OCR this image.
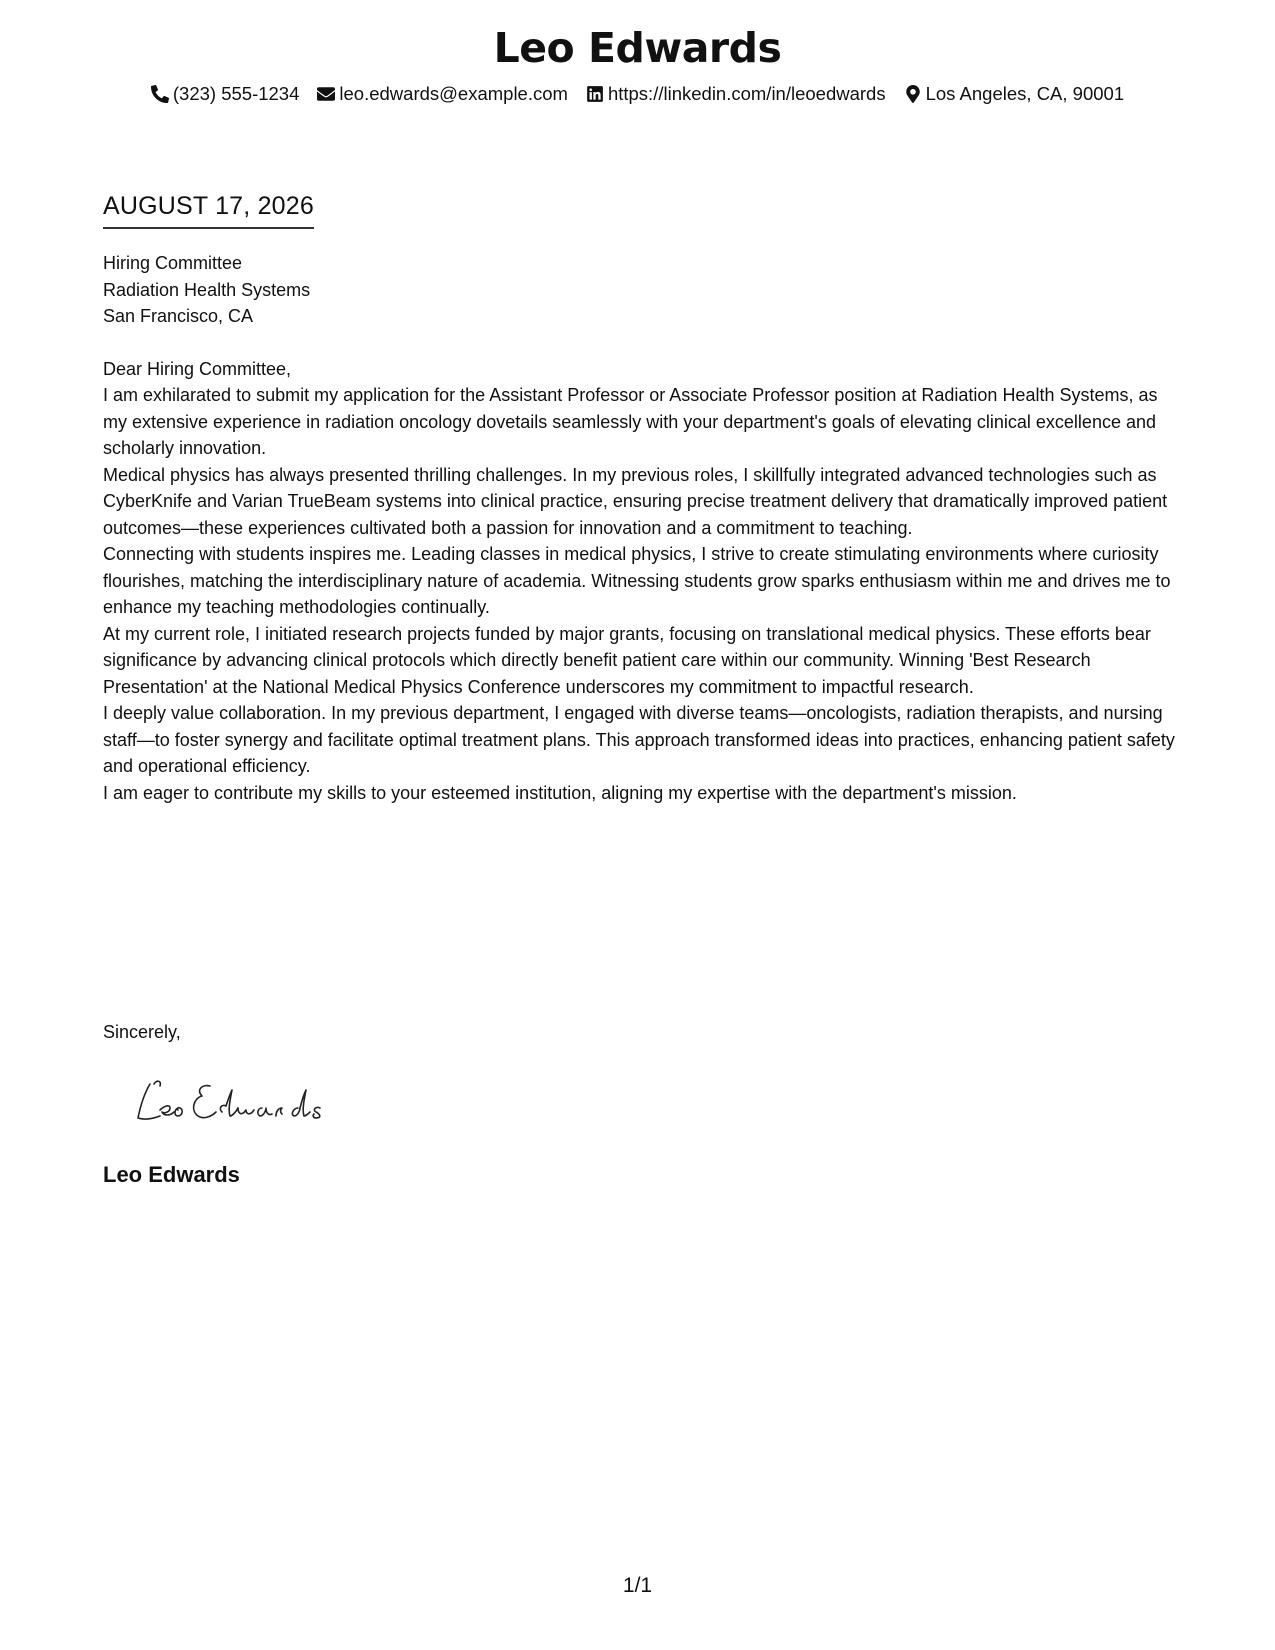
Leo Edwards
(323) 555-1234 leo.edwards@example.com https://linkedin.com/in/leoedwards Los Angeles, CA, 90001
AUGUST 17, 2026

Hiring Committee

Radiation Health Systems

San Francisco, CA

Dear Hiring Committee,

I am exhilarated to submit my application for the Assistant Professor or Associate Professor position at Radiation Health Systems, as my extensive experience in radiation oncology dovetails seamlessly with your department's goals of elevating clinical excellence and scholarly innovation.

Medical physics has always presented thrilling challenges. In my previous roles, I skillfully integrated advanced technologies such as CyberKnife and Varian TrueBeam systems into clinical practice, ensuring precise treatment delivery that dramatically improved patient outcomes—these experiences cultivated both a passion for innovation and a commitment to teaching.

Connecting with students inspires me. Leading classes in medical physics, I strive to create stimulating environments where curiosity flourishes, matching the interdisciplinary nature of academia. Witnessing students grow sparks enthusiasm within me and drives me to enhance my teaching methodologies continually.

At my current role, I initiated research projects funded by major grants, focusing on translational medical physics. These efforts bear significance by advancing clinical protocols which directly benefit patient care within our community. Winning 'Best Research Presentation' at the National Medical Physics Conference underscores my commitment to impactful research.

I deeply value collaboration. In my previous department, I engaged with diverse teams—oncologists, radiation therapists, and nursing staff—to foster synergy and facilitate optimal treatment plans. This approach transformed ideas into practices, enhancing patient safety and operational efficiency.

I am eager to contribute my skills to your esteemed institution, aligning my expertise with the department's mission.

Sincerely,
Leo Edwards
1/1
